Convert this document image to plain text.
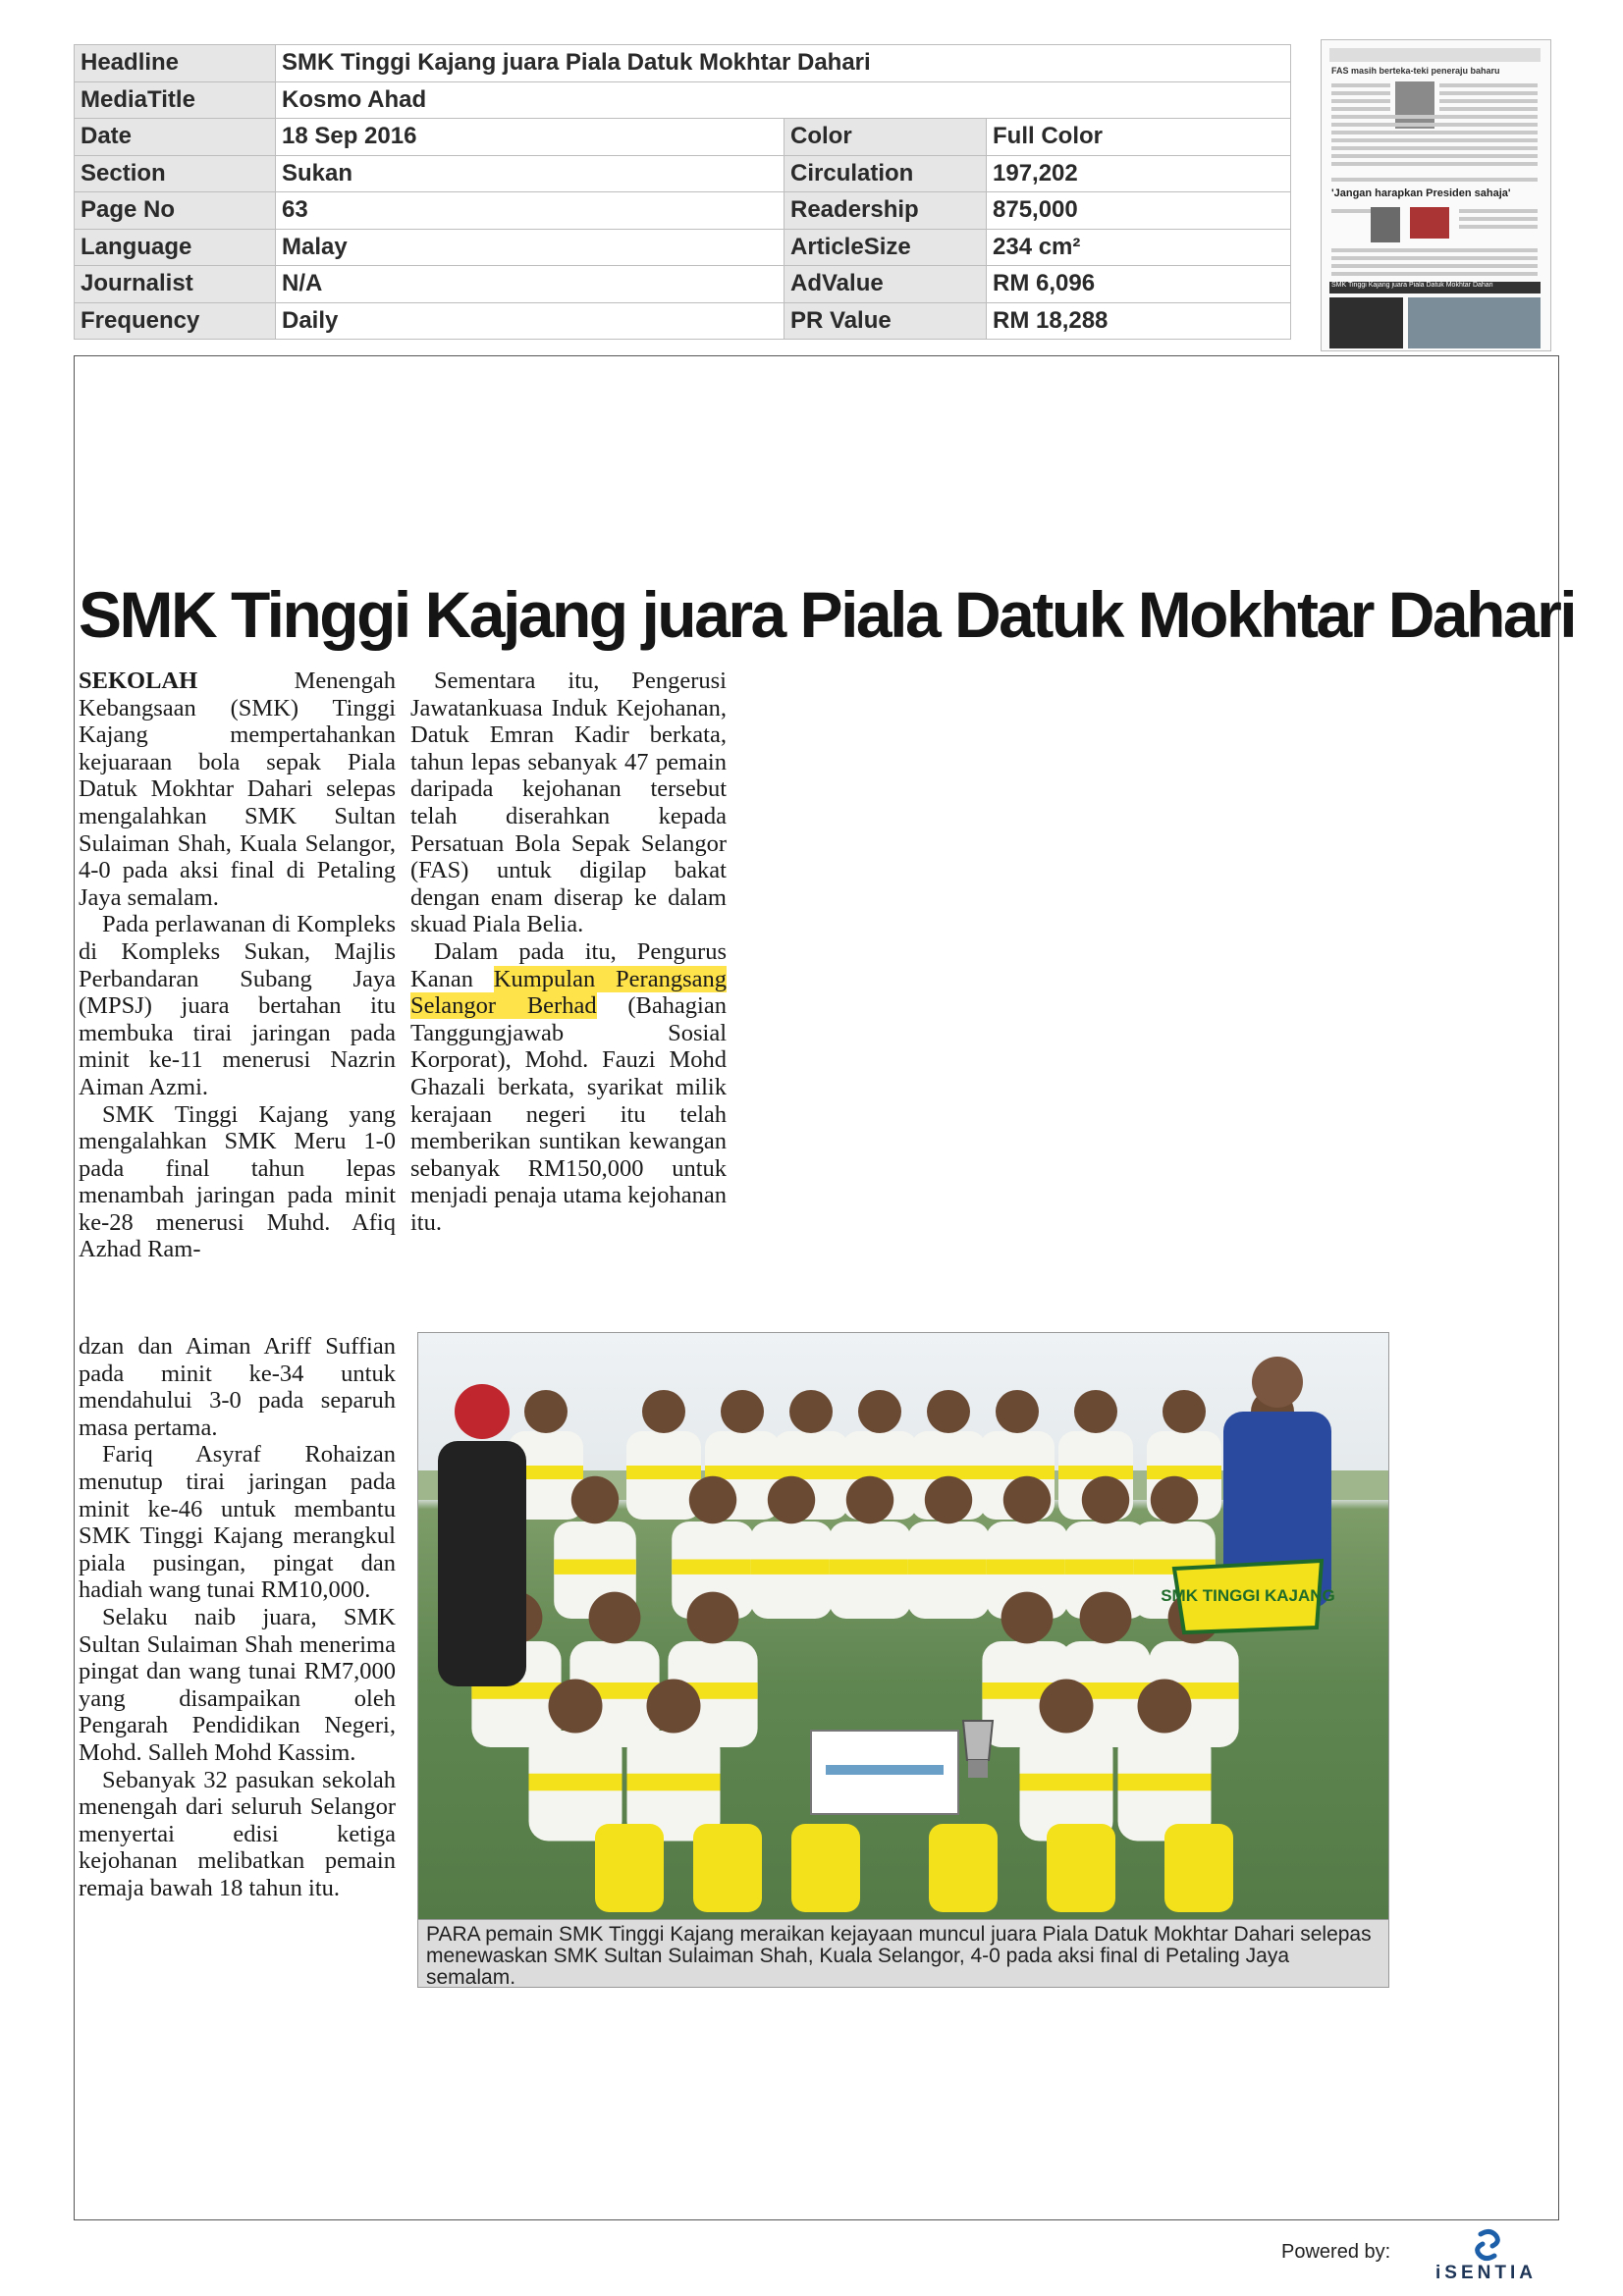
Headline	SMK Tinggi Kajang juara Piala Datuk Mokhtar Dahari		
MediaTitle	Kosmo Ahad		
Date	18 Sep 2016	Color	Full Color
Section	Sukan	Circulation	197,202
Page No	63	Readership	875,000
Language	Malay	ArticleSize	234 cm²
Journalist	N/A	AdValue	RM 6,096
Frequency	Daily	PR Value	RM 18,288
FAS masih berteka-teki peneraju baharu
'Jangan harapkan Presiden sahaja'
SMK Tinggi Kajang juara Piala Datuk Mokhtar Dahari
SMK Tinggi Kajang juara Piala Datuk Mokhtar Dahari

SEKOLAH	Menengah Kebangsaan (SMK) Tinggi Kajang mempertahankan kejuaraan bola sepak Piala Datuk Mokhtar Dahari selepas mengalahkan SMK Sultan Sulaiman Shah, Kuala Selangor, 4-0 pada aksi final di Petaling Jaya semalam.

Pada perlawanan di Kompleks di Kompleks Sukan, Majlis Perbandaran Subang Jaya (MPSJ) juara bertahan itu membuka tirai jaringan pada minit ke-11 menerusi Nazrin Aiman Azmi.

SMK Tinggi Kajang yang mengalahkan SMK Meru 1-0 pada final tahun lepas menambah jaringan pada minit ke-28 menerusi Muhd. Afiq Azhad Ram-

dzan dan Aiman Ariff Suffian pada minit ke-34 untuk mendahului 3-0 pada separuh masa pertama.

Fariq Asyraf Rohaizan menutup tirai jaringan pada minit ke-46 untuk membantu SMK Tinggi Kajang merangkul piala pusingan, pingat dan hadiah wang tunai RM10,000.

Selaku naib juara, SMK Sultan Sulaiman Shah menerima pingat dan wang tunai RM7,000 yang disampaikan oleh Pengarah Pendidikan Negeri, Mohd. Salleh Mohd Kassim.

Sebanyak 32 pasukan sekolah menengah dari seluruh Selangor menyertai edisi ketiga kejohanan melibatkan pemain remaja bawah 18 tahun itu.

Sementara itu, Pengerusi Jawatankuasa Induk Kejohanan, Datuk Emran Kadir berkata, tahun lepas sebanyak 47 pemain daripada kejohanan tersebut telah diserahkan kepada Persatuan Bola Sepak Selangor (FAS) untuk digilap bakat dengan enam diserap ke dalam skuad Piala Belia.

Dalam pada itu, Pengurus Kanan Kumpulan Perangsang Selangor Berhad (Bahagian Tanggungjawab Sosial Korporat), Mohd. Fauzi Mohd Ghazali berkata, syarikat milik kerajaan negeri itu telah memberikan suntikan kewangan sebanyak RM150,000 untuk menjadi penaja utama kejohanan itu.

SMK TINGGI KAJANG
PARA pemain SMK Tinggi Kajang meraikan kejayaan muncul juara Piala Datuk Mokhtar Dahari selepas menewaskan SMK Sultan Sulaiman Shah, Kuala Selangor, 4-0 pada aksi final di Petaling Jaya semalam.
Powered by:
iSENTIA
